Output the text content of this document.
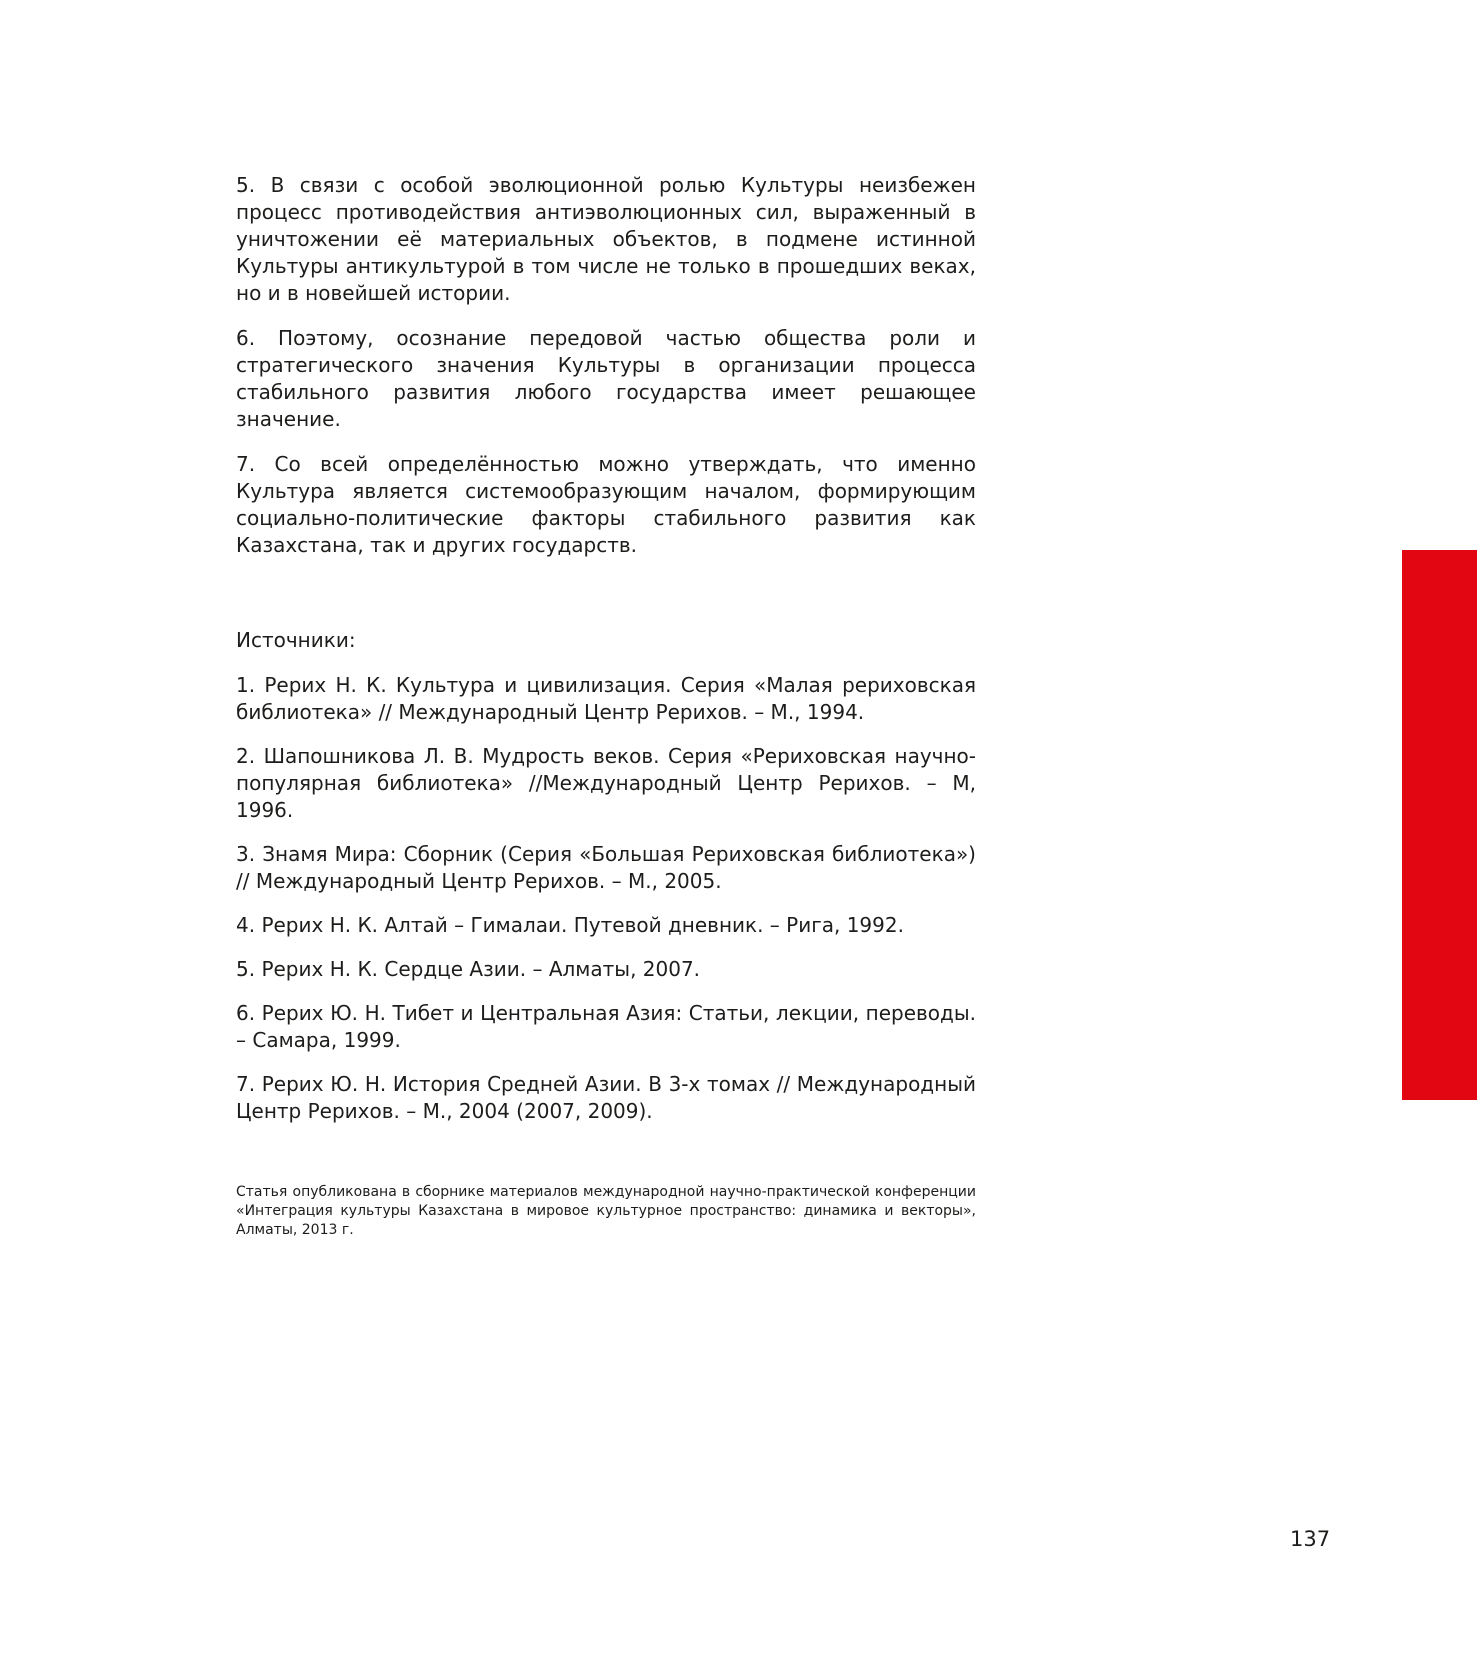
5. В связи с особой эволюционной ролью Культуры неизбежен процесс противодействия антиэволюционных сил, выраженный в уничтожении её материальных объектов, в подмене истинной Культуры антикультурой в том числе не только в прошедших веках, но и в новейшей истории.

6. Поэтому, осознание передовой частью общества роли и стратегического значения Культуры в организации процесса стабильного развития любого государства имеет решающее значение.

7. Со всей определённостью можно утверждать, что именно Культура является системообразующим началом, формирующим социально-политические факторы стабильного развития как Казахстана, так и других государств.

Источники:

1. Рерих Н. К. Культура и цивилизация. Серия «Малая рериховская библиотека» // Международный Центр Рерихов. – М., 1994.

2. Шапошникова Л. В. Мудрость веков. Серия «Рериховская научно-популярная библиотека» //Международный Центр Рерихов. – М, 1996.

3. Знамя Мира: Сборник (Серия «Большая Рериховская библиотека») // Международный Центр Рерихов. – М., 2005.

4. Рерих Н. К. Алтай – Гималаи. Путевой дневник. – Рига, 1992.

5. Рерих Н. К. Сердце Азии. – Алматы, 2007.

6. Рерих Ю. Н. Тибет и Центральная Азия: Статьи, лекции, переводы. – Самара, 1999.

7. Рерих Ю. Н. История Средней Азии. В 3-х томах // Международный Центр Рерихов. – М., 2004 (2007, 2009).

Статья опубликована в сборнике материалов международной научно-практической конференции «Интеграция культуры Казахстана в мировое культурное пространство: динамика и векторы», Алматы, 2013 г.

137
